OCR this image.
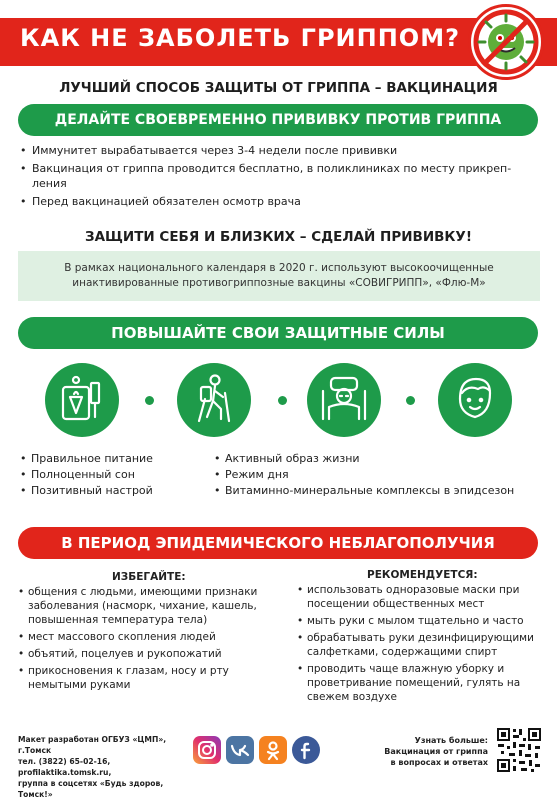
КАК НЕ ЗАБОЛЕТЬ ГРИППОМ?
ЛУЧШИЙ СПОСОБ ЗАЩИТЫ ОТ ГРИППА – ВАКЦИНАЦИЯ
ДЕЛАЙТЕ СВОЕВРЕМЕННО ПРИВИВКУ ПРОТИВ ГРИППА
• Иммунитет вырабатывается через 3-4 недели после прививки
• Вакцинация от гриппа проводится бесплатно, в поликлиниках по месту прикреп-ления
• Перед вакцинацией обязателен осмотр врача
ЗАЩИТИ СЕБЯ И БЛИЗКИХ – СДЕЛАЙ ПРИВИВКУ!
В рамках национального календаря в 2020 г. используют высокоочищенные
инактивированные противогриппозные вакцины «СОВИГРИПП», «Флю-М»
ПОВЫШАЙТЕ СВОИ ЗАЩИТНЫЕ СИЛЫ
• Правильное питание
• Полноценный сон
• Позитивный настрой
• Активный образ жизни
• Режим дня
• Витаминно-минеральные комплексы в эпидсезон
В ПЕРИОД ЭПИДЕМИЧЕСКОГО НЕБЛАГОПОЛУЧИЯ
ИЗБЕГАЙТЕ:	РЕКОМЕНДУЕТСЯ:
• общения с людьми, имеющими признаки заболевания (насморк, чихание, кашель, повышенная температура тела)
• мест массового скопления людей
• объятий, поцелуев и рукопожатий
• прикосновения к глазам, носу и рту немытыми руками
• использовать одноразовые маски при посещении общественных мест
• мыть руки с мылом тщательно и часто
• обрабатывать руки дезинфицирующими салфетками, содержащими спирт
• проводить чаще влажную уборку и проветривание помещений, гулять на свежем воздухе
Макет разработан ОГБУЗ «ЦМП», г.Томск
тел. (3822) 65-02-16, profilaktika.tomsk.ru,
группа в соцсетях «Будь здоров, Томск!»
Узнать больше:
Вакцинация от гриппа
в вопросах и ответах
